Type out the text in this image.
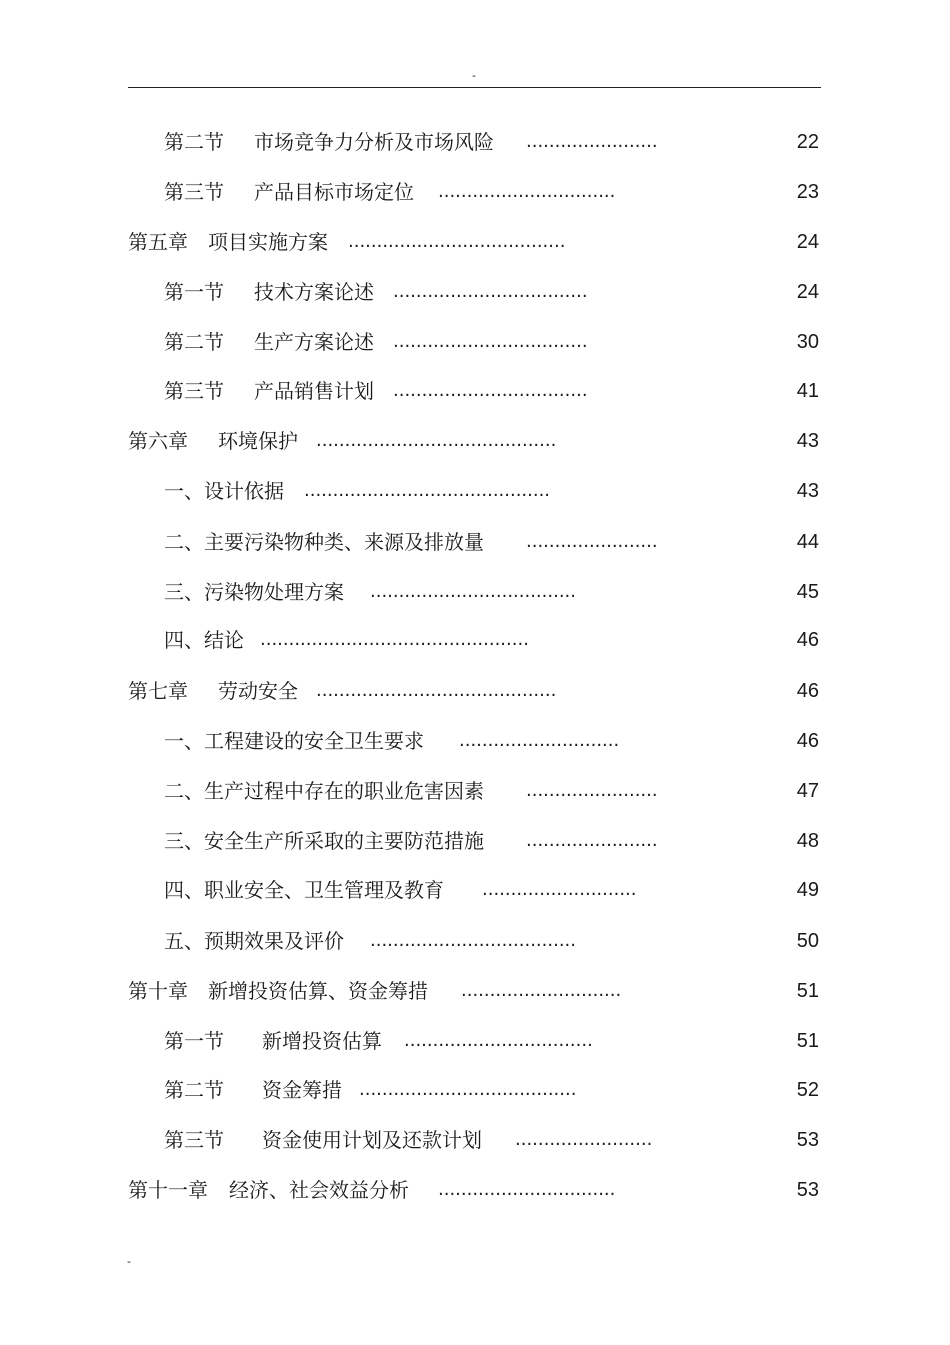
-
第二节 市场竞争力分析及市场风险 .......................	22
第三节 产品目标市场定位 ...............................	23
第五章 项目实施方案 ......................................	24
第一节 技术方案论述 ..................................	24
第二节 生产方案论述 ..................................	30
第三节 产品销售计划 ..................................	41
第六章 环境保护 ..........................................	43
一、设计依据 ...........................................	43
二、主要污染物种类、来源及排放量 .......................	44
三、污染物处理方案 ....................................	45
四、结论 ...............................................	46
第七章 劳动安全 ..........................................	46
一、工程建设的安全卫生要求 ............................	46
二、生产过程中存在的职业危害因素 .......................	47
三、安全生产所采取的主要防范措施 .......................	48
四、职业安全、卫生管理及教育 ...........................	49
五、预期效果及评价 ....................................	50
第十章 新增投资估算、资金筹措 ............................	51
第一节 新增投资估算 .................................	51
第二节 资金筹措 ......................................	52
第三节 资金使用计划及还款计划 ........................	53
第十一章 经济、社会效益分析 ...............................	53
-
